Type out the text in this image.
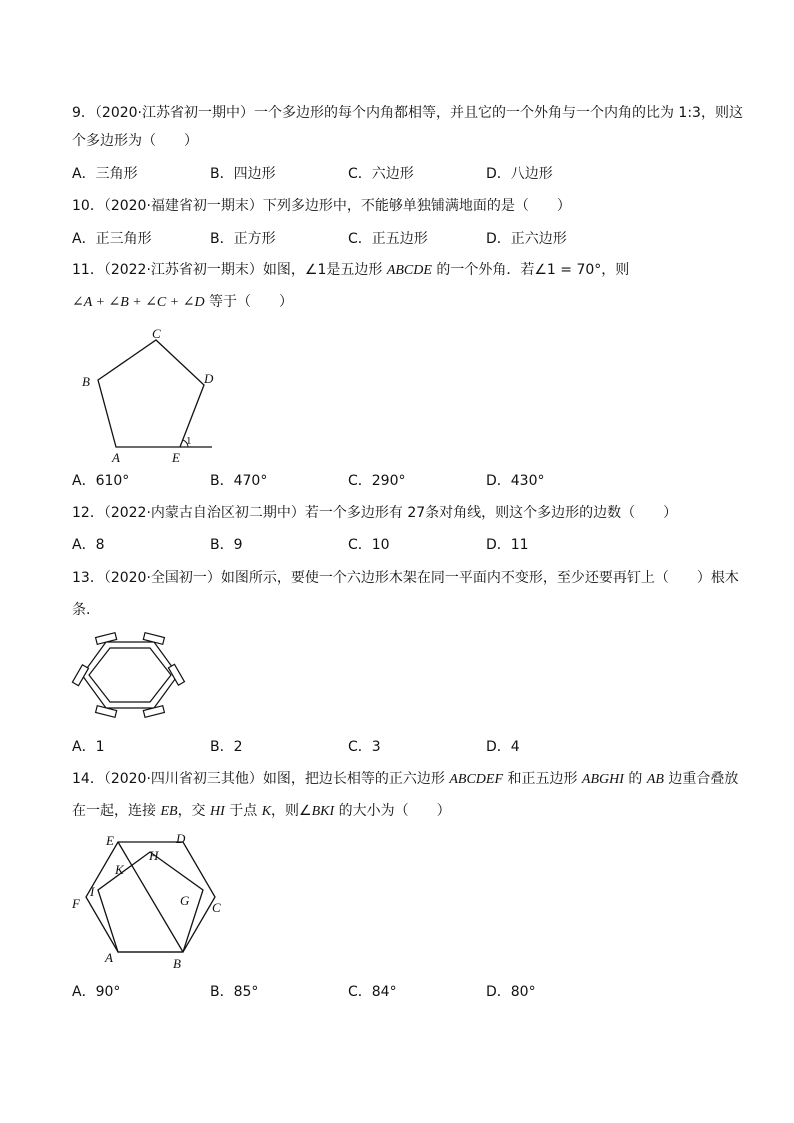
9．（2020·江苏省初一期中）一个多边形的每个内角都相等，并且它的一个外角与一个内角的比为 1:3，则这
个多边形为（　　）
A．三角形	B．四边形	C．六边形	D．八边形
10．（2020·福建省初一期末）下列多边形中，不能够单独铺满地面的是（　　）
A．正三角形	B．正方形	C．正五边形	D．正六边形
11．（2022·江苏省初一期末）如图，∠1是五边形 ABCDE 的一个外角．若∠1 = 70°，则
∠A + ∠B + ∠C + ∠D 等于（　　）
A	E
D
C
B
1
A．610°	B．470°	C．290°	D．430°
12．（2022·内蒙古自治区初二期中）若一个多边形有 27条对角线，则这个多边形的边数（　　）
A．8	B．9	C．10	D．11
13．（2020·全国初一）如图所示，要使一个六边形木架在同一平面内不变形，至少还要再钉上（　　）根木
条.
A．1	B．2	C．3	D．4
14．（2020·四川省初三其他）如图，把边长相等的正六边形 ABCDEF 和正五边形 ABGHI 的 AB 边重合叠放
在一起，连接 EB，交 HI 于点 K，则∠BKI 的大小为（　　）
E	D
C
B
A
F
I
K
H
G
A．90°	B．85°	C．84°	D．80°
